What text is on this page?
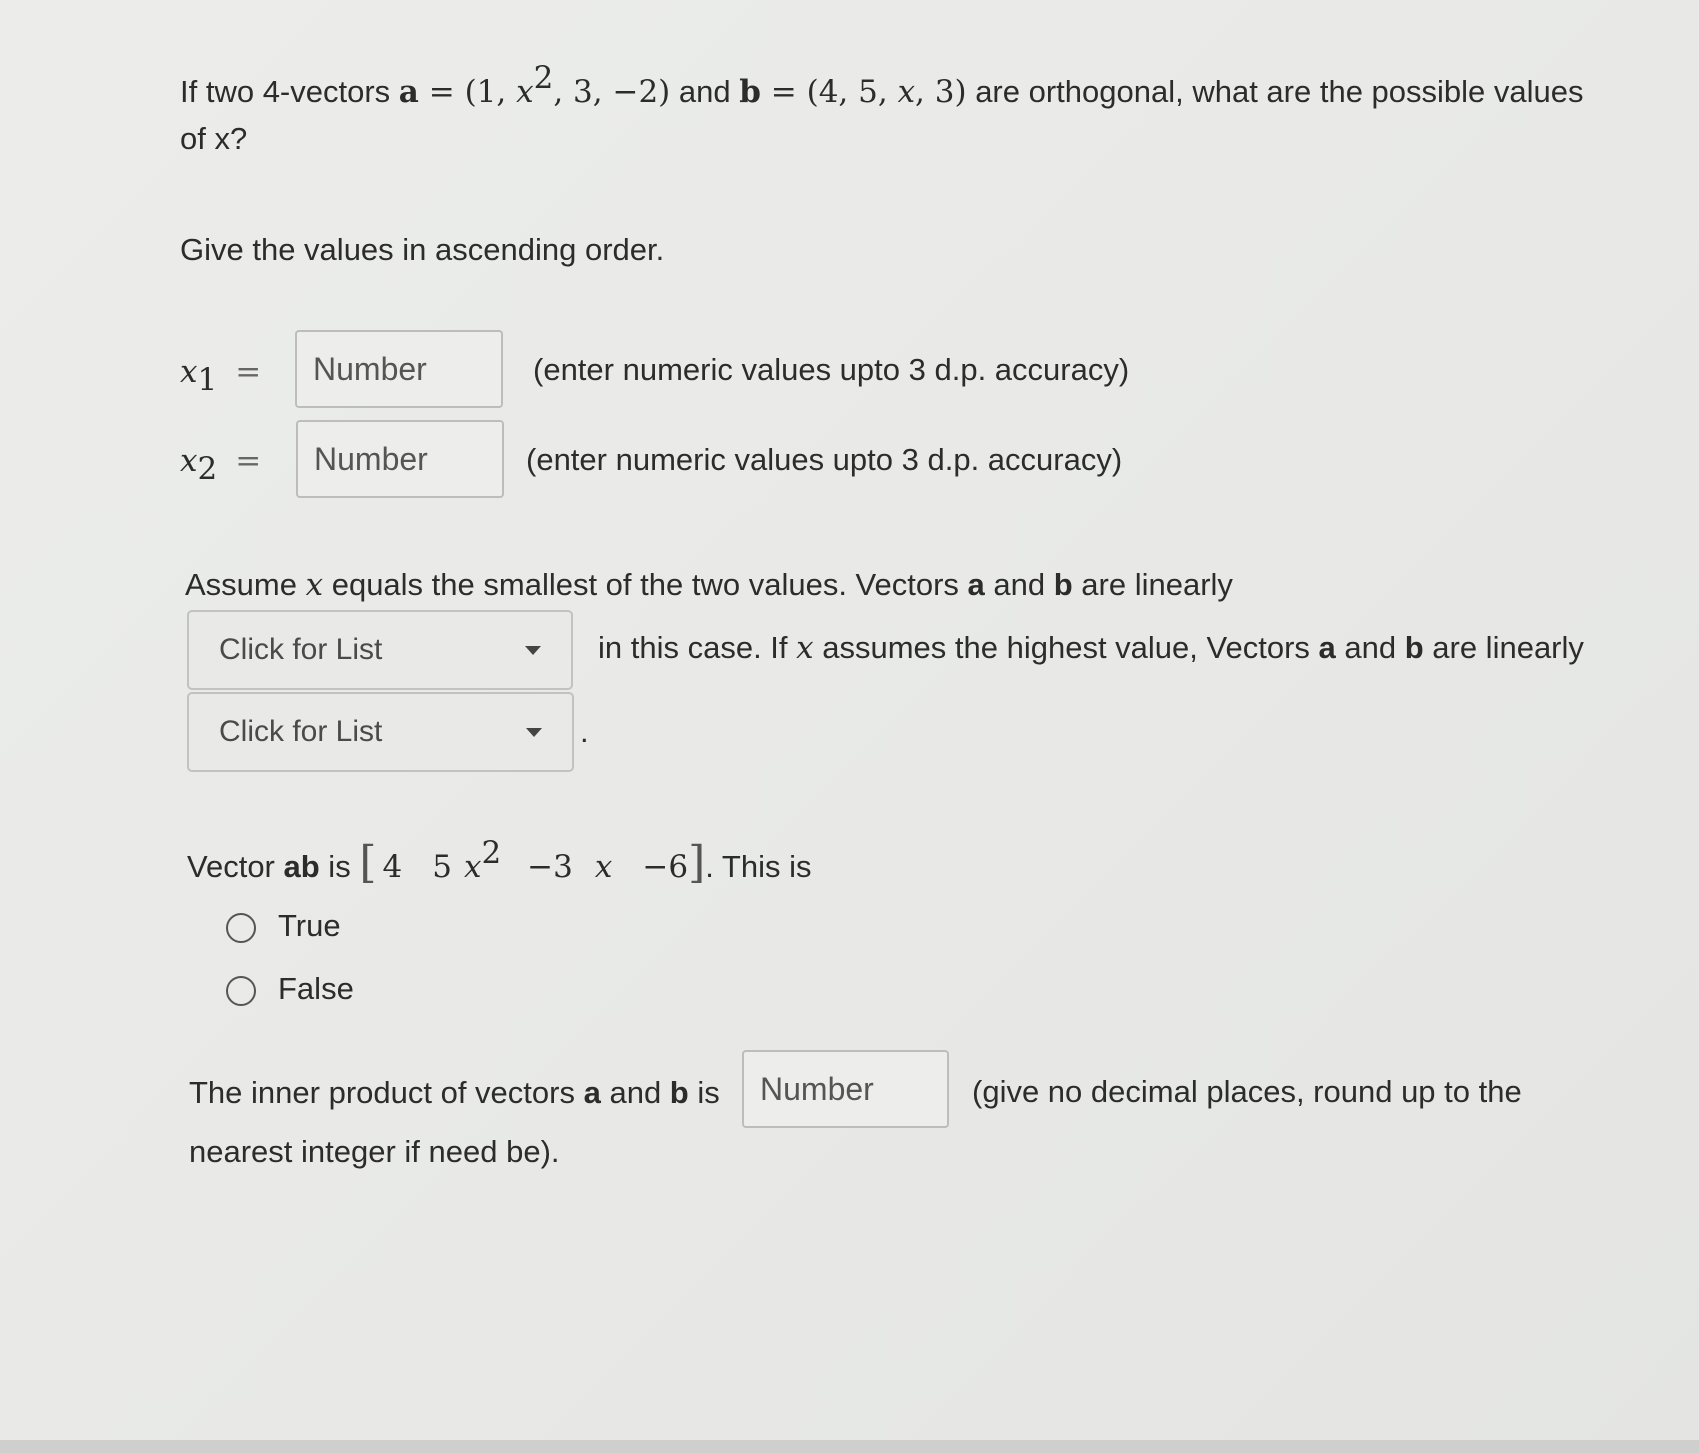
If two 4-vectors a = (1, $x^2$, 3, −2) and b = (4, 5, x, 3) are orthogonal, what are the possible values
of x?
Give the values in ascending order.
$x_1$ = Number	(enter numeric values upto 3 d.p. accuracy)
$x_2$ = Number	(enter numeric values upto 3 d.p. accuracy)
Assume x equals the smallest of the two values. Vectors a and b are linearly
Click for List	in this case. If x assumes the highest value, Vectors a and b are linearly
Click for List	.
Vector ab is [ 4 5 $x^2 -3$ x −6]. This is
True
False
The inner product of vectors a and b is Number	(give no decimal places, round up to the
nearest integer if need be).
